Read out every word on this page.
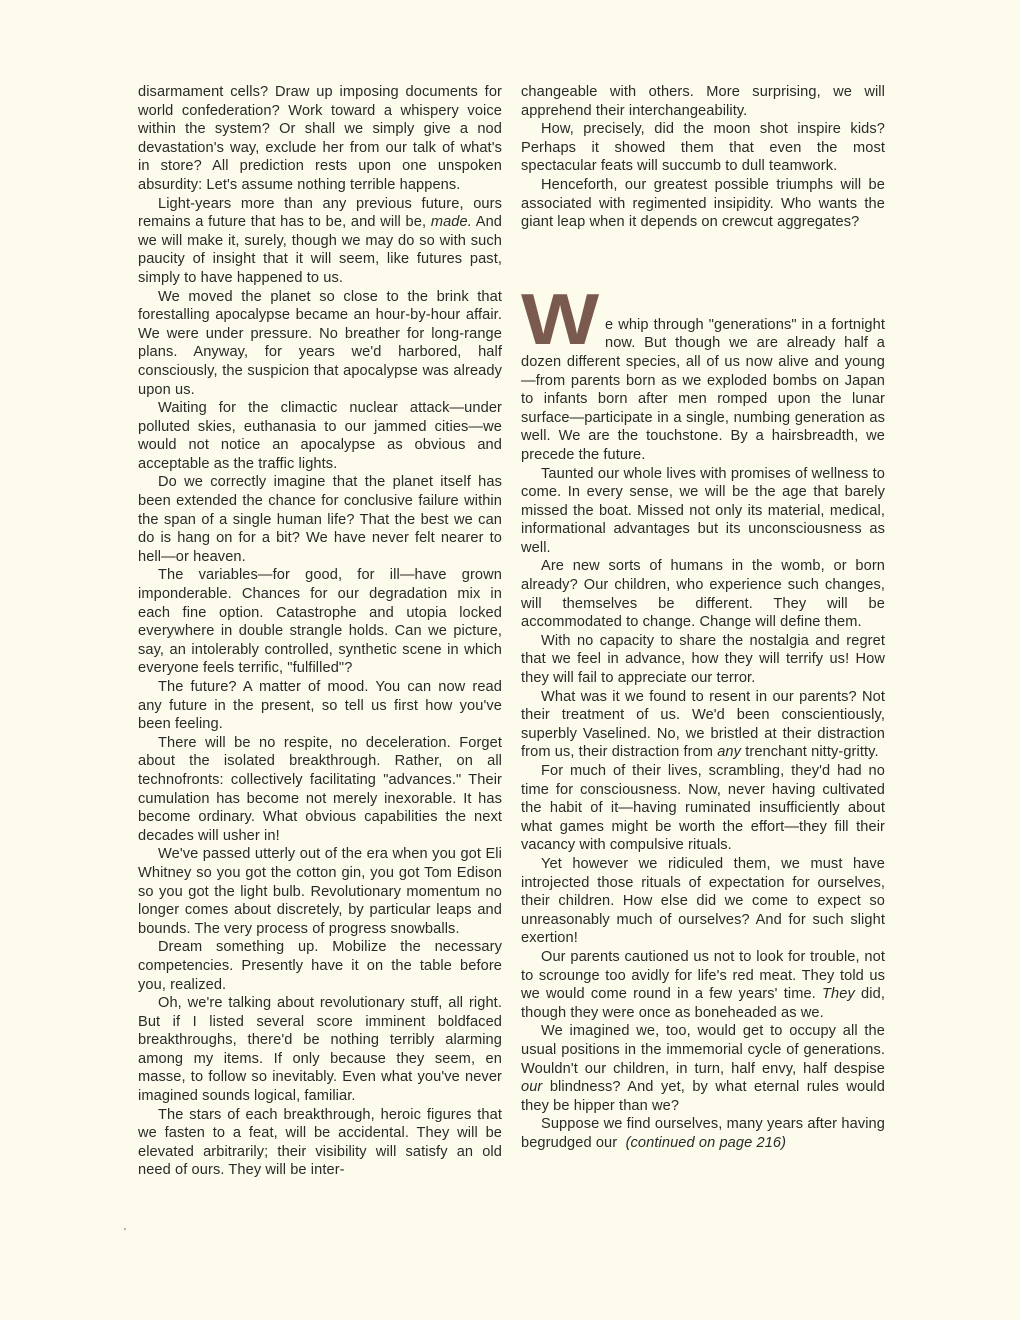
disarmament cells? Draw up imposing documents for world confederation? Work toward a whispery voice within the system? Or shall we simply give a nod devastation's way, exclude her from our talk of what's in store? All prediction rests upon one unspoken absurdity: Let's assume nothing terrible happens.

Light-years more than any previous future, ours remains a future that has to be, and will be, made. And we will make it, surely, though we may do so with such paucity of insight that it will seem, like futures past, simply to have happened to us.

We moved the planet so close to the brink that forestalling apocalypse became an hour-by-hour affair. We were under pressure. No breather for long-range plans. Anyway, for years we'd harbored, half consciously, the suspicion that apocalypse was already upon us.

Waiting for the climactic nuclear attack—under polluted skies, euthanasia to our jammed cities—we would not notice an apocalypse as obvious and acceptable as the traffic lights.

Do we correctly imagine that the planet itself has been extended the chance for conclusive failure within the span of a single human life? That the best we can do is hang on for a bit? We have never felt nearer to hell—or heaven.

The variables—for good, for ill—have grown imponderable. Chances for our degradation mix in each fine option. Catastrophe and utopia locked everywhere in double strangle holds. Can we picture, say, an intolerably controlled, synthetic scene in which everyone feels terrific, "fulfilled"?

The future? A matter of mood. You can now read any future in the present, so tell us first how you've been feeling.

There will be no respite, no deceleration. Forget about the isolated breakthrough. Rather, on all technofronts: collectively facilitating "advances." Their cumulation has become not merely inexorable. It has become ordinary. What obvious capabilities the next decades will usher in!

We've passed utterly out of the era when you got Eli Whitney so you got the cotton gin, you got Tom Edison so you got the light bulb. Revolutionary momentum no longer comes about discretely, by particular leaps and bounds. The very process of progress snowballs.

Dream something up. Mobilize the necessary competencies. Presently have it on the table before you, realized.

Oh, we're talking about revolutionary stuff, all right. But if I listed several score imminent boldfaced breakthroughs, there'd be nothing terribly alarming among my items. If only because they seem, en masse, to follow so inevitably. Even what you've never imagined sounds logical, familiar.

The stars of each breakthrough, heroic figures that we fasten to a feat, will be accidental. They will be elevated arbitrarily; their visibility will satisfy an old need of ours. They will be inter-

changeable with others. More surprising, we will apprehend their interchangeability.

How, precisely, did the moon shot inspire kids? Perhaps it showed them that even the most spectacular feats will succumb to dull teamwork.

Henceforth, our greatest possible triumphs will be associated with regimented insipidity. Who wants the giant leap when it depends on crewcut aggregates?

W e whip through "generations" in a fortnight now. But though we are already half a dozen different species, all of us now alive and young—from parents born as we exploded bombs on Japan to infants born after men romped upon the lunar surface—participate in a single, numbing generation as well. We are the touchstone. By a hairsbreadth, we precede the future.

Taunted our whole lives with promises of wellness to come. In every sense, we will be the age that barely missed the boat. Missed not only its material, medical, informational advantages but its unconsciousness as well.

Are new sorts of humans in the womb, or born already? Our children, who experience such changes, will themselves be different. They will be accommodated to change. Change will define them.

With no capacity to share the nostalgia and regret that we feel in advance, how they will terrify us! How they will fail to appreciate our terror.

What was it we found to resent in our parents? Not their treatment of us. We'd been conscientiously, superbly Vaselined. No, we bristled at their distraction from us, their distraction from any trenchant nitty-gritty.

For much of their lives, scrambling, they'd had no time for consciousness. Now, never having cultivated the habit of it—having ruminated insufficiently about what games might be worth the effort—they fill their vacancy with compulsive rituals.

Yet however we ridiculed them, we must have introjected those rituals of expectation for ourselves, their children. How else did we come to expect so unreasonably much of ourselves? And for such slight exertion!

Our parents cautioned us not to look for trouble, not to scrounge too avidly for life's red meat. They told us we would come round in a few years' time. They did, though they were once as boneheaded as we.

We imagined we, too, would get to occupy all the usual positions in the immemorial cycle of generations. Wouldn't our children, in turn, half envy, half despise our blindness? And yet, by what eternal rules would they be hipper than we?

Suppose we find ourselves, many years after having begrudged our (continued on page 216)

'
